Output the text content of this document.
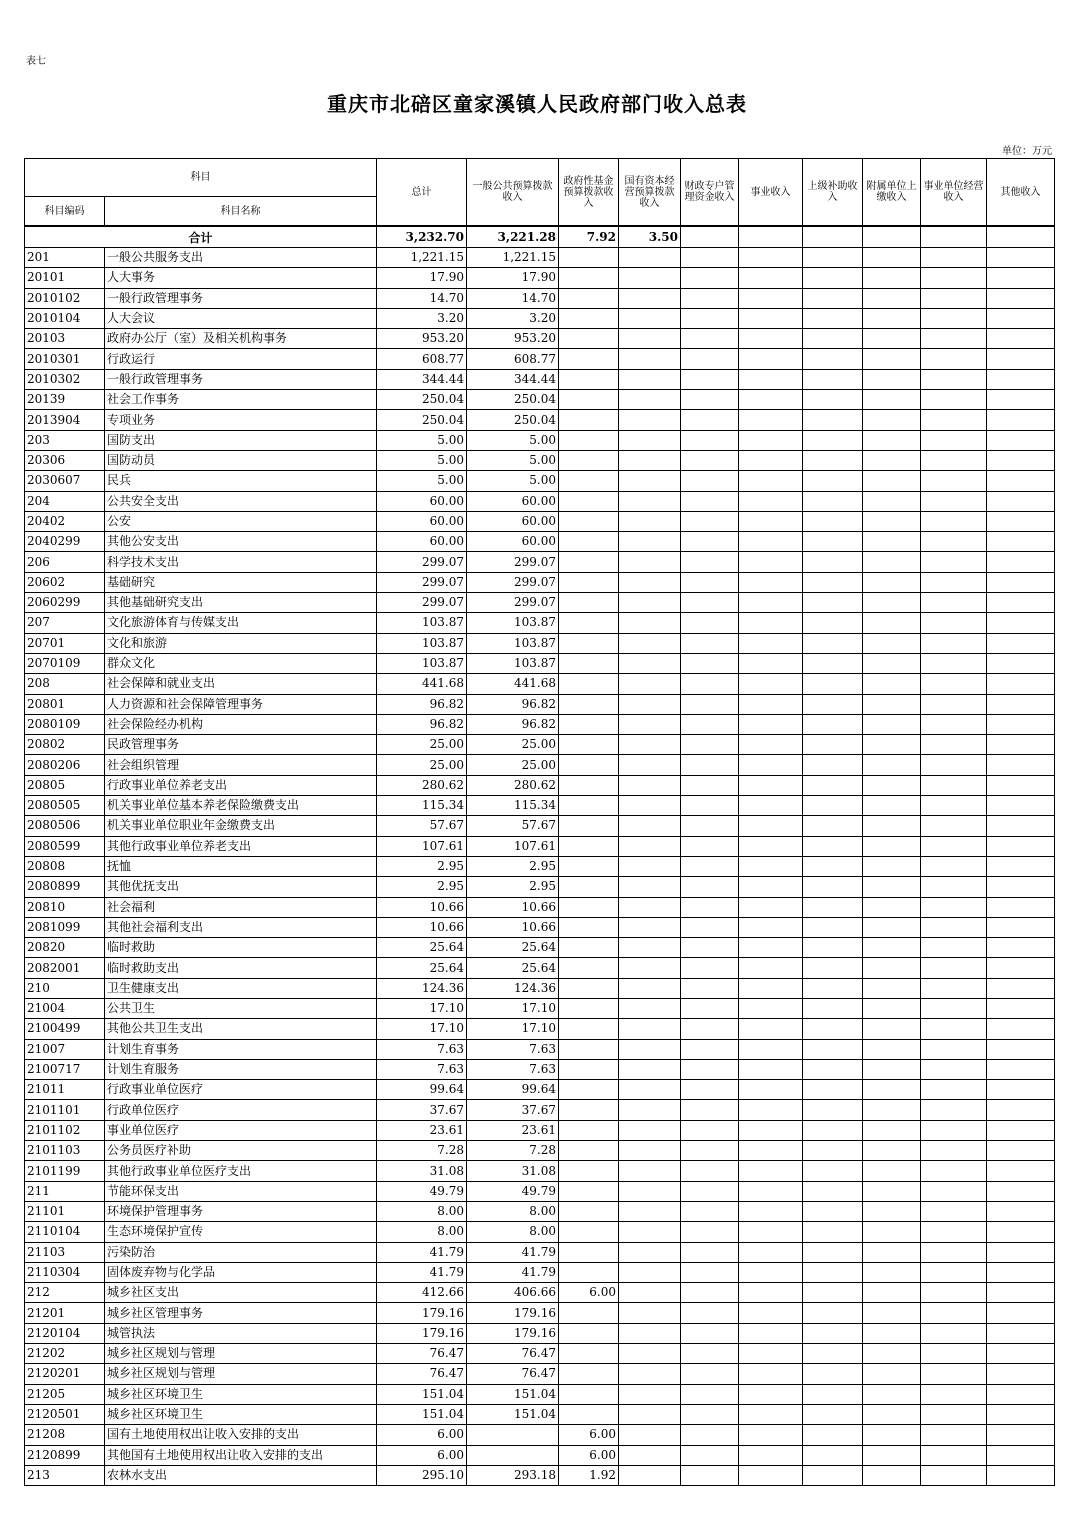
表七
重庆市北碚区童家溪镇人民政府部门收入总表
单位：万元
科目		总计	一般公共预算拨款收入	政府性基金预算拨款收入	国有资本经营预算拨款收入	财政专户管理资金收入	事业收入	上级补助收入	附属单位上缴收入	事业单位经营收入	其他收入
科目编码	科目名称										
合计		3,232.70	3,221.28	7.92	3.50						
201	一般公共服务支出	1,221.15	1,221.15								
20101	人大事务	17.90	17.90								
2010102	一般行政管理事务	14.70	14.70								
2010104	人大会议	3.20	3.20								
20103	政府办公厅（室）及相关机构事务	953.20	953.20								
2010301	行政运行	608.77	608.77								
2010302	一般行政管理事务	344.44	344.44								
20139	社会工作事务	250.04	250.04								
2013904	专项业务	250.04	250.04								
203	国防支出	5.00	5.00								
20306	国防动员	5.00	5.00								
2030607	民兵	5.00	5.00								
204	公共安全支出	60.00	60.00								
20402	公安	60.00	60.00								
2040299	其他公安支出	60.00	60.00								
206	科学技术支出	299.07	299.07								
20602	基础研究	299.07	299.07								
2060299	其他基础研究支出	299.07	299.07								
207	文化旅游体育与传媒支出	103.87	103.87								
20701	文化和旅游	103.87	103.87								
2070109	群众文化	103.87	103.87								
208	社会保障和就业支出	441.68	441.68								
20801	人力资源和社会保障管理事务	96.82	96.82								
2080109	社会保险经办机构	96.82	96.82								
20802	民政管理事务	25.00	25.00								
2080206	社会组织管理	25.00	25.00								
20805	行政事业单位养老支出	280.62	280.62								
2080505	机关事业单位基本养老保险缴费支出	115.34	115.34								
2080506	机关事业单位职业年金缴费支出	57.67	57.67								
2080599	其他行政事业单位养老支出	107.61	107.61								
20808	抚恤	2.95	2.95								
2080899	其他优抚支出	2.95	2.95								
20810	社会福利	10.66	10.66								
2081099	其他社会福利支出	10.66	10.66								
20820	临时救助	25.64	25.64								
2082001	临时救助支出	25.64	25.64								
210	卫生健康支出	124.36	124.36								
21004	公共卫生	17.10	17.10								
2100499	其他公共卫生支出	17.10	17.10								
21007	计划生育事务	7.63	7.63								
2100717	计划生育服务	7.63	7.63								
21011	行政事业单位医疗	99.64	99.64								
2101101	行政单位医疗	37.67	37.67								
2101102	事业单位医疗	23.61	23.61								
2101103	公务员医疗补助	7.28	7.28								
2101199	其他行政事业单位医疗支出	31.08	31.08								
211	节能环保支出	49.79	49.79								
21101	环境保护管理事务	8.00	8.00								
2110104	生态环境保护宣传	8.00	8.00								
21103	污染防治	41.79	41.79								
2110304	固体废弃物与化学品	41.79	41.79								
212	城乡社区支出	412.66	406.66	6.00							
21201	城乡社区管理事务	179.16	179.16								
2120104	城管执法	179.16	179.16								
21202	城乡社区规划与管理	76.47	76.47								
2120201	城乡社区规划与管理	76.47	76.47								
21205	城乡社区环境卫生	151.04	151.04								
2120501	城乡社区环境卫生	151.04	151.04								
21208	国有土地使用权出让收入安排的支出	6.00		6.00							
2120899	其他国有土地使用权出让收入安排的支出	6.00		6.00							
213	农林水支出	295.10	293.18	1.92							
